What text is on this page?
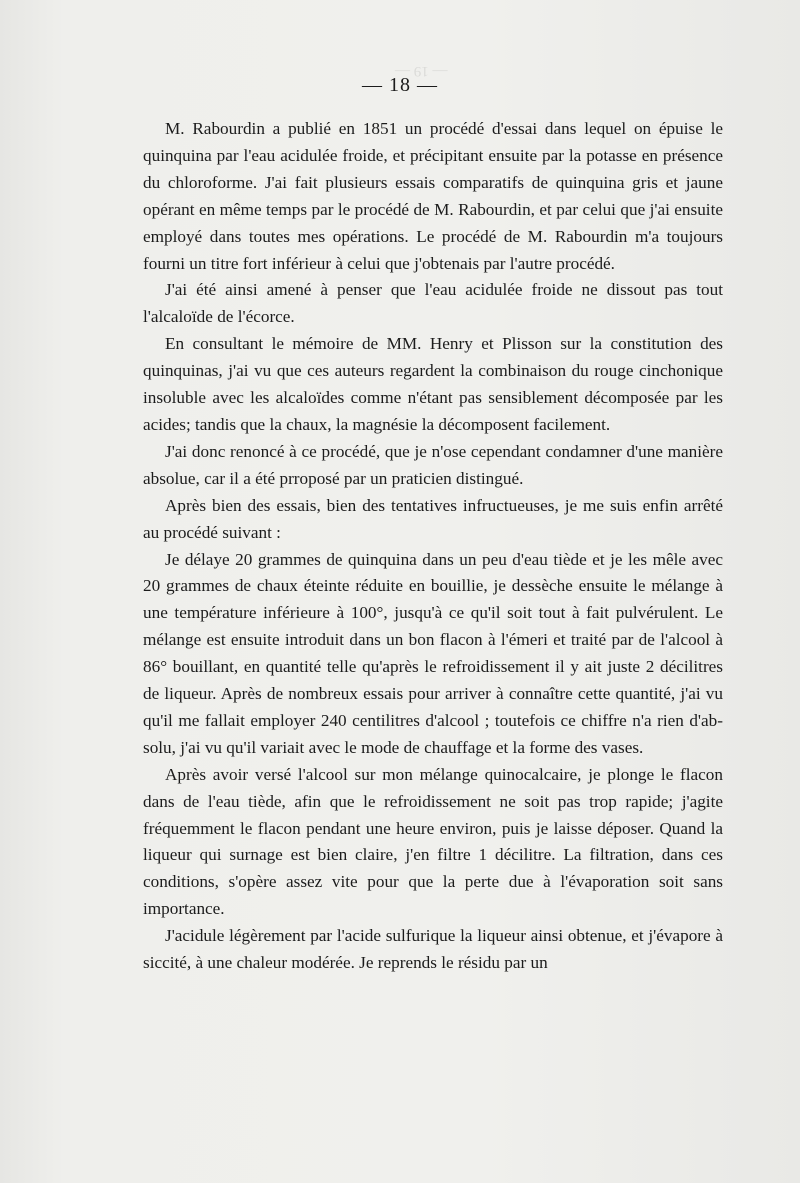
— 19 —
— 18 —

M. Rabourdin a publié en 1851 un procédé d'essai dans lequel on épuise le quinquina par l'eau acidulée froide, et précipitant ensuite par la potasse en présence du chloroforme. J'ai fait plusieurs essais comparatifs de quinquina gris et jaune opérant en même temps par le procédé de M. Rabourdin, et par celui que j'ai ensuite employé dans toutes mes opérations. Le procédé de M. Rabourdin m'a toujours fourni un titre fort inférieur à celui que j'obtenais par l'autre procédé.

J'ai été ainsi amené à penser que l'eau acidulée froide ne dissout pas tout l'alcaloïde de l'écorce.

En consultant le mémoire de MM. Henry et Plisson sur la constitution des quinquinas, j'ai vu que ces auteurs regardent la combinaison du rouge cinchonique insoluble avec les alcaloïdes comme n'étant pas sensiblement décomposée par les acides; tandis que la chaux, la magnésie la décomposent facilement.

J'ai donc renoncé à ce procédé, que je n'ose cependant condamner d'une manière absolue, car il a été prroposé par un praticien distingué.

Après bien des essais, bien des tentatives infructueuses, je me suis enfin arrêté au procédé suivant :

Je délaye 20 grammes de quinquina dans un peu d'eau tiède et je les mêle avec 20 grammes de chaux éteinte réduite en bouillie, je dessèche ensuite le mélange à une température inférieure à 100°, jusqu'à ce qu'il soit tout à fait pulvérulent. Le mélange est ensuite introduit dans un bon flacon à l'émeri et traité par de l'alcool à 86° bouillant, en quantité telle qu'après le refroidissement il y ait juste 2 décilitres de liqueur. Après de nombreux essais pour arriver à connaître cette quantité, j'ai vu qu'il me fallait employer 240 centilitres d'alcool ; toutefois ce chiffre n'a rien d'absolu, j'ai vu qu'il variait avec le mode de chauffage et la forme des vases.

Après avoir versé l'alcool sur mon mélange quinocalcaire, je plonge le flacon dans de l'eau tiède, afin que le refroidissement ne soit pas trop rapide; j'agite fréquemment le flacon pendant une heure environ, puis je laisse déposer. Quand la liqueur qui surnage est bien claire, j'en filtre 1 décilitre. La filtration, dans ces conditions, s'opère assez vite pour que la perte due à l'évaporation soit sans importance.

J'acidule légèrement par l'acide sulfurique la liqueur ainsi obtenue, et j'évapore à siccité, à une chaleur modérée. Je reprends le résidu par un
